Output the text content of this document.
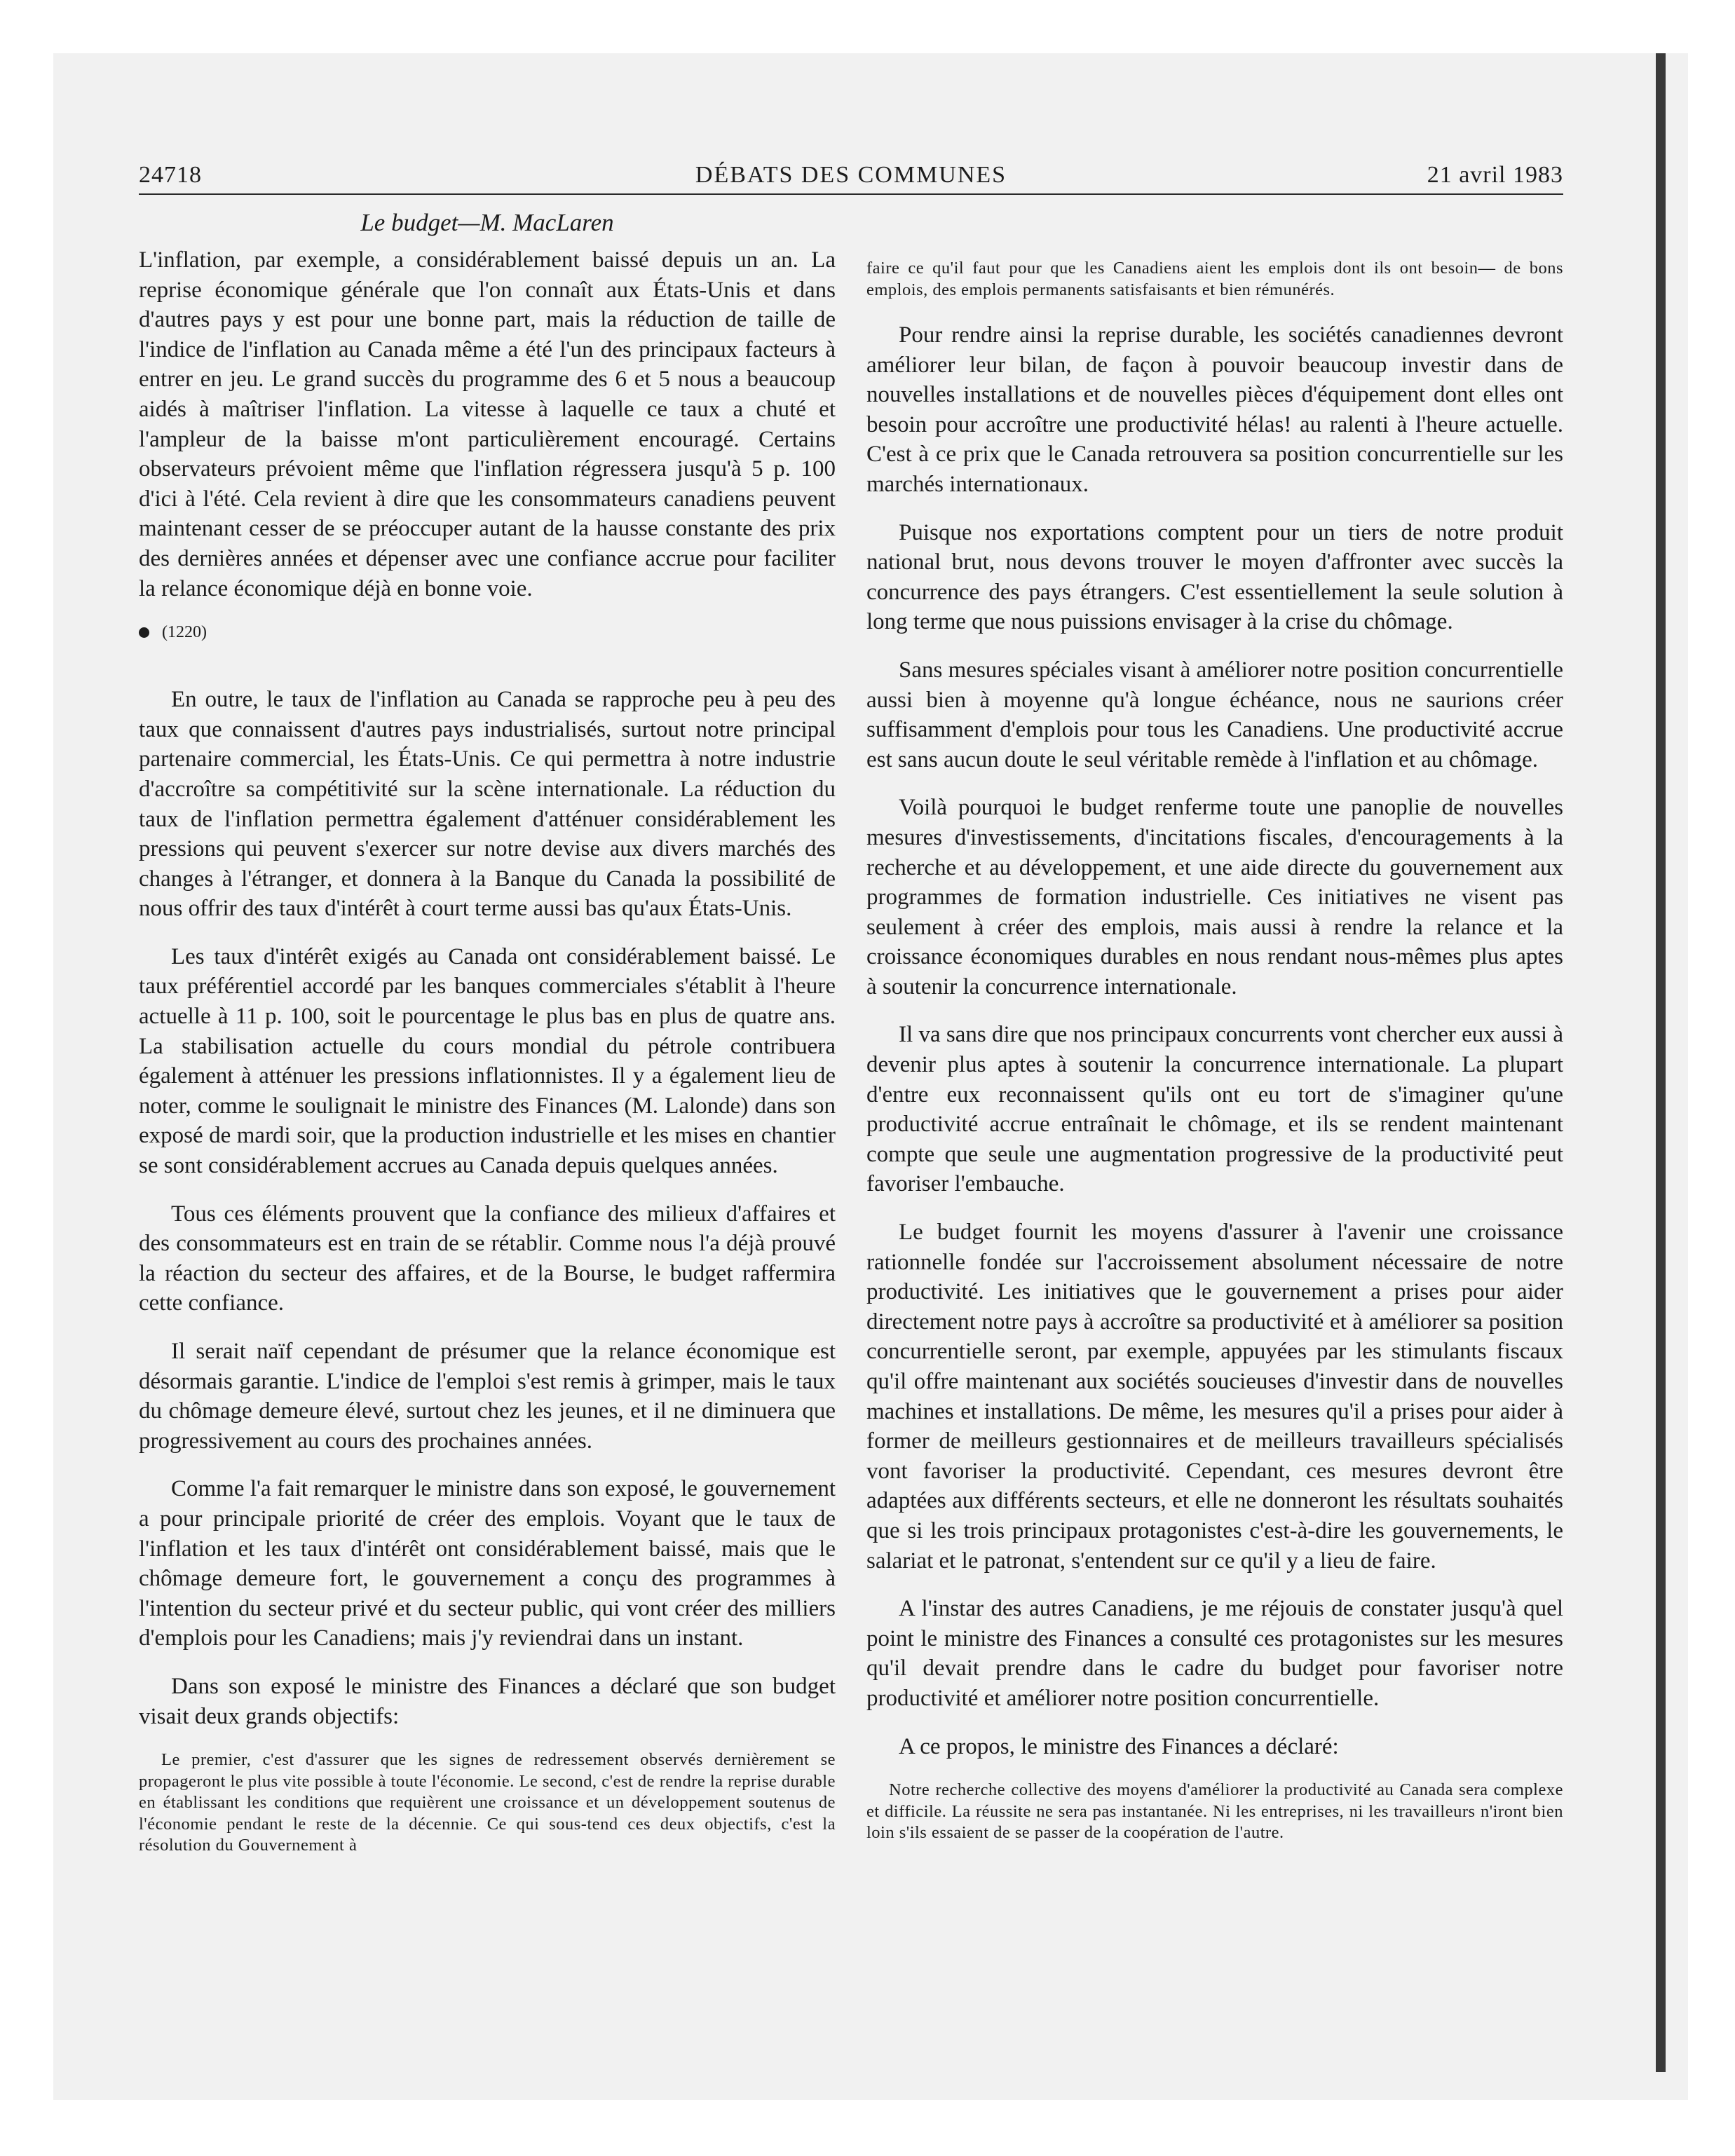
24718	DÉBATS DES COMMUNES	21 avril 1983
Le budget—M. MacLaren

L'inflation, par exemple, a considérablement baissé depuis un an. La reprise économique générale que l'on connaît aux États-Unis et dans d'autres pays y est pour une bonne part, mais la réduction de taille de l'indice de l'inflation au Canada même a été l'un des principaux facteurs à entrer en jeu. Le grand succès du programme des 6 et 5 nous a beaucoup aidés à maîtriser l'inflation. La vitesse à laquelle ce taux a chuté et l'ampleur de la baisse m'ont particulièrement encouragé. Certains observateurs prévoient même que l'inflation régressera jusqu'à 5 p. 100 d'ici à l'été. Cela revient à dire que les consommateurs canadiens peuvent maintenant cesser de se préoccuper autant de la hausse constante des prix des dernières années et dépenser avec une confiance accrue pour faciliter la relance économique déjà en bonne voie.

(1220)

En outre, le taux de l'inflation au Canada se rapproche peu à peu des taux que connaissent d'autres pays industrialisés, surtout notre principal partenaire commercial, les États-Unis. Ce qui permettra à notre industrie d'accroître sa compétitivité sur la scène internationale. La réduction du taux de l'inflation permettra également d'atténuer considérablement les pressions qui peuvent s'exercer sur notre devise aux divers marchés des changes à l'étranger, et donnera à la Banque du Canada la possibilité de nous offrir des taux d'intérêt à court terme aussi bas qu'aux États-Unis.

Les taux d'intérêt exigés au Canada ont considérablement baissé. Le taux préférentiel accordé par les banques commerciales s'établit à l'heure actuelle à 11 p. 100, soit le pourcentage le plus bas en plus de quatre ans. La stabilisation actuelle du cours mondial du pétrole contribuera également à atténuer les pressions inflationnistes. Il y a également lieu de noter, comme le soulignait le ministre des Finances (M. Lalonde) dans son exposé de mardi soir, que la production industrielle et les mises en chantier se sont considérablement accrues au Canada depuis quelques années.

Tous ces éléments prouvent que la confiance des milieux d'affaires et des consommateurs est en train de se rétablir. Comme nous l'a déjà prouvé la réaction du secteur des affaires, et de la Bourse, le budget raffermira cette confiance.

Il serait naïf cependant de présumer que la relance économique est désormais garantie. L'indice de l'emploi s'est remis à grimper, mais le taux du chômage demeure élevé, surtout chez les jeunes, et il ne diminuera que progressivement au cours des prochaines années.

Comme l'a fait remarquer le ministre dans son exposé, le gouvernement a pour principale priorité de créer des emplois. Voyant que le taux de l'inflation et les taux d'intérêt ont considérablement baissé, mais que le chômage demeure fort, le gouvernement a conçu des programmes à l'intention du secteur privé et du secteur public, qui vont créer des milliers d'emplois pour les Canadiens; mais j'y reviendrai dans un instant.

Dans son exposé le ministre des Finances a déclaré que son budget visait deux grands objectifs:

Le premier, c'est d'assurer que les signes de redressement observés dernièrement se propageront le plus vite possible à toute l'économie. Le second, c'est de rendre la reprise durable en établissant les conditions que requièrent une croissance et un développement soutenus de l'économie pendant le reste de la décennie. Ce qui sous-tend ces deux objectifs, c'est la résolution du Gouvernement à

faire ce qu'il faut pour que les Canadiens aient les emplois dont ils ont besoin— de bons emplois, des emplois permanents satisfaisants et bien rémunérés.

Pour rendre ainsi la reprise durable, les sociétés canadiennes devront améliorer leur bilan, de façon à pouvoir beaucoup investir dans de nouvelles installations et de nouvelles pièces d'équipement dont elles ont besoin pour accroître une productivité hélas! au ralenti à l'heure actuelle. C'est à ce prix que le Canada retrouvera sa position concurrentielle sur les marchés internationaux.

Puisque nos exportations comptent pour un tiers de notre produit national brut, nous devons trouver le moyen d'affronter avec succès la concurrence des pays étrangers. C'est essentiellement la seule solution à long terme que nous puissions envisager à la crise du chômage.

Sans mesures spéciales visant à améliorer notre position concurrentielle aussi bien à moyenne qu'à longue échéance, nous ne saurions créer suffisamment d'emplois pour tous les Canadiens. Une productivité accrue est sans aucun doute le seul véritable remède à l'inflation et au chômage.

Voilà pourquoi le budget renferme toute une panoplie de nouvelles mesures d'investissements, d'incitations fiscales, d'encouragements à la recherche et au développement, et une aide directe du gouvernement aux programmes de formation industrielle. Ces initiatives ne visent pas seulement à créer des emplois, mais aussi à rendre la relance et la croissance économiques durables en nous rendant nous-mêmes plus aptes à soutenir la concurrence internationale.

Il va sans dire que nos principaux concurrents vont chercher eux aussi à devenir plus aptes à soutenir la concurrence internationale. La plupart d'entre eux reconnaissent qu'ils ont eu tort de s'imaginer qu'une productivité accrue entraînait le chômage, et ils se rendent maintenant compte que seule une augmentation progressive de la productivité peut favoriser l'embauche.

Le budget fournit les moyens d'assurer à l'avenir une croissance rationnelle fondée sur l'accroissement absolument nécessaire de notre productivité. Les initiatives que le gouvernement a prises pour aider directement notre pays à accroître sa productivité et à améliorer sa position concurrentielle seront, par exemple, appuyées par les stimulants fiscaux qu'il offre maintenant aux sociétés soucieuses d'investir dans de nouvelles machines et installations. De même, les mesures qu'il a prises pour aider à former de meilleurs gestionnaires et de meilleurs travailleurs spécialisés vont favoriser la productivité. Cependant, ces mesures devront être adaptées aux différents secteurs, et elle ne donneront les résultats souhaités que si les trois principaux protagonistes c'est-à-dire les gouvernements, le salariat et le patronat, s'entendent sur ce qu'il y a lieu de faire.

A l'instar des autres Canadiens, je me réjouis de constater jusqu'à quel point le ministre des Finances a consulté ces protagonistes sur les mesures qu'il devait prendre dans le cadre du budget pour favoriser notre productivité et améliorer notre position concurrentielle.

A ce propos, le ministre des Finances a déclaré:

Notre recherche collective des moyens d'améliorer la productivité au Canada sera complexe et difficile. La réussite ne sera pas instantanée. Ni les entreprises, ni les travailleurs n'iront bien loin s'ils essaient de se passer de la coopération de l'autre.
